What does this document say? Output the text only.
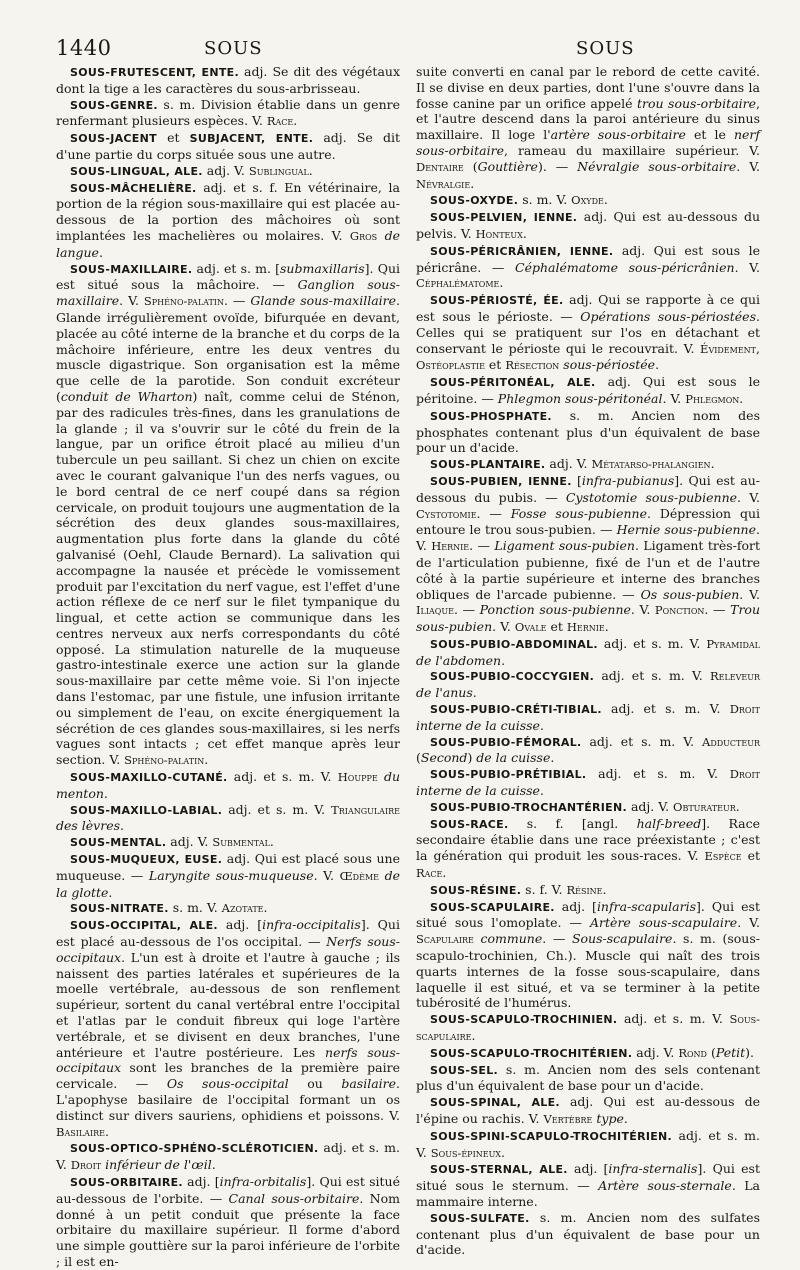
1440	SOUS	SOUS

SOUS-FRUTESCENT, ENTE. adj. Se dit des végétaux dont la tige a les caractères du sous-arbrisseau.

SOUS-GENRE. s. m. Division établie dans un genre renfermant plusieurs espèces. V. Race.

SOUS-JACENT et SUBJACENT, ENTE. adj. Se dit d'une partie du corps située sous une autre.

SOUS-LINGUAL, ALE. adj. V. Sublingual.

SOUS-MÂCHELIÈRE. adj. et s. f. En vétérinaire, la portion de la région sous-maxillaire qui est placée au-dessous de la portion des mâchoires où sont implantées les machelières ou molaires. V. Gros de langue.

SOUS-MAXILLAIRE. adj. et s. m. [submaxillaris]. Qui est situé sous la mâchoire. — Ganglion sous-maxillaire. V. Sphéno-palatin. — Glande sous-maxillaire. Glande irrégulièrement ovoïde, bifurquée en devant, placée au côté interne de la branche et du corps de la mâchoire inférieure, entre les deux ventres du muscle digastrique. Son organisation est la même que celle de la parotide. Son conduit excréteur (conduit de Wharton) naît, comme celui de Sténon, par des radicules très-fines, dans les granulations de la glande ; il va s'ouvrir sur le côté du frein de la langue, par un orifice étroit placé au milieu d'un tubercule un peu saillant. Si chez un chien on excite avec le courant galvanique l'un des nerfs vagues, ou le bord central de ce nerf coupé dans sa région cervicale, on produit toujours une augmentation de la sécrétion des deux glandes sous-maxillaires, augmentation plus forte dans la glande du côté galvanisé (Oehl, Claude Bernard). La salivation qui accompagne la nausée et précède le vomissement produit par l'excitation du nerf vague, est l'effet d'une action réflexe de ce nerf sur le filet tympanique du lingual, et cette action se communique dans les centres nerveux aux nerfs correspondants du côté opposé. La stimulation naturelle de la muqueuse gastro-intestinale exerce une action sur la glande sous-maxillaire par cette même voie. Si l'on injecte dans l'estomac, par une fistule, une infusion irritante ou simplement de l'eau, on excite énergiquement la sécrétion de ces glandes sous-maxillaires, si les nerfs vagues sont intacts ; cet effet manque après leur section. V. Sphéno-palatin.

SOUS-MAXILLO-CUTANÉ. adj. et s. m. V. Houppe du menton.

SOUS-MAXILLO-LABIAL. adj. et s. m. V. Triangulaire des lèvres.

SOUS-MENTAL. adj. V. Submental.

SOUS-MUQUEUX, EUSE. adj. Qui est placé sous une muqueuse. — Laryngite sous-muqueuse. V. Œdème de la glotte.

SOUS-NITRATE. s. m. V. Azotate.

SOUS-OCCIPITAL, ALE. adj. [infra-occipitalis]. Qui est placé au-dessous de l'os occipital. — Nerfs sous-occipitaux. L'un est à droite et l'autre à gauche ; ils naissent des parties latérales et supérieures de la moelle vertébrale, au-dessous de son renflement supérieur, sortent du canal vertébral entre l'occipital et l'atlas par le conduit fibreux qui loge l'artère vertébrale, et se divisent en deux branches, l'une antérieure et l'autre postérieure. Les nerfs sous-occipitaux sont les branches de la première paire cervicale. — Os sous-occipital ou basilaire. L'apophyse basilaire de l'occipital formant un os distinct sur divers sauriens, ophidiens et poissons. V. Basilaire.

SOUS-OPTICO-SPHÉNO-SCLÉROTICIEN. adj. et s. m. V. Droit inférieur de l'œil.

SOUS-ORBITAIRE. adj. [infra-orbitalis]. Qui est situé au-dessous de l'orbite. — Canal sous-orbitaire. Nom donné à un petit conduit que présente la face orbitaire du maxillaire supérieur. Il forme d'abord une simple gouttière sur la paroi inférieure de l'orbite ; il est en-

suite converti en canal par le rebord de cette cavité. Il se divise en deux parties, dont l'une s'ouvre dans la fosse canine par un orifice appelé trou sous-orbitaire, et l'autre descend dans la paroi antérieure du sinus maxillaire. Il loge l'artère sous-orbitaire et le nerf sous-orbitaire, rameau du maxillaire supérieur. V. Dentaire (Gouttière). — Névralgie sous-orbitaire. V. Névralgie.

SOUS-OXYDE. s. m. V. Oxyde.

SOUS-PELVIEN, IENNE. adj. Qui est au-dessous du pelvis. V. Honteux.

SOUS-PÉRICRÂNIEN, IENNE. adj. Qui est sous le péricrâne. — Céphalématome sous-péricrânien. V. Céphalématome.

SOUS-PÉRIOSTÉ, ÉE. adj. Qui se rapporte à ce qui est sous le périoste. — Opérations sous-périostées. Celles qui se pratiquent sur l'os en détachant et conservant le périoste qui le recouvrait. V. Évidement, Ostéoplastie et Résection sous-périostée.

SOUS-PÉRITONÉAL, ALE. adj. Qui est sous le péritoine. — Phlegmon sous-péritonéal. V. Phlegmon.

SOUS-PHOSPHATE. s. m. Ancien nom des phosphates contenant plus d'un équivalent de base pour un d'acide.

SOUS-PLANTAIRE. adj. V. Métatarso-phalangien.

SOUS-PUBIEN, IENNE. [infra-pubianus]. Qui est au-dessous du pubis. — Cystotomie sous-pubienne. V. Cystotomie. — Fosse sous-pubienne. Dépression qui entoure le trou sous-pubien. — Hernie sous-pubienne. V. Hernie. — Ligament sous-pubien. Ligament très-fort de l'articulation pubienne, fixé de l'un et de l'autre côté à la partie supérieure et interne des branches obliques de l'arcade pubienne. — Os sous-pubien. V. Iliaque. — Ponction sous-pubienne. V. Ponction. — Trou sous-pubien. V. Ovale et Hernie.

SOUS-PUBIO-ABDOMINAL. adj. et s. m. V. Pyramidal de l'abdomen.

SOUS-PUBIO-COCCYGIEN. adj. et s. m. V. Releveur de l'anus.

SOUS-PUBIO-CRÉTI-TIBIAL. adj. et s. m. V. Droit interne de la cuisse.

SOUS-PUBIO-FÉMORAL. adj. et s. m. V. Adducteur (Second) de la cuisse.

SOUS-PUBIO-PRÉTIBIAL. adj. et s. m. V. Droit interne de la cuisse.

SOUS-PUBIO-TROCHANTÉRIEN. adj. V. Obturateur.

SOUS-RACE. s. f. [angl. half-breed]. Race secondaire établie dans une race préexistante ; c'est la génération qui produit les sous-races. V. Espèce et Race.

SOUS-RÉSINE. s. f. V. Résine.

SOUS-SCAPULAIRE. adj. [infra-scapularis]. Qui est situé sous l'omoplate. — Artère sous-scapulaire. V. Scapulaire commune. — Sous-scapulaire. s. m. (sous-scapulo-trochinien, Ch.). Muscle qui naît des trois quarts internes de la fosse sous-scapulaire, dans laquelle il est situé, et va se terminer à la petite tubérosité de l'humérus.

SOUS-SCAPULO-TROCHINIEN. adj. et s. m. V. Sous-scapulaire.

SOUS-SCAPULO-TROCHITÉRIEN. adj. V. Rond (Petit).

SOUS-SEL. s. m. Ancien nom des sels contenant plus d'un équivalent de base pour un d'acide.

SOUS-SPINAL, ALE. adj. Qui est au-dessous de l'épine ou rachis. V. Vertèbre type.

SOUS-SPINI-SCAPULO-TROCHITÉRIEN. adj. et s. m. V. Sous-épineux.

SOUS-STERNAL, ALE. adj. [infra-sternalis]. Qui est situé sous le sternum. — Artère sous-sternale. La mammaire interne.

SOUS-SULFATE. s. m. Ancien nom des sulfates contenant plus d'un équivalent de base pour un d'acide.
